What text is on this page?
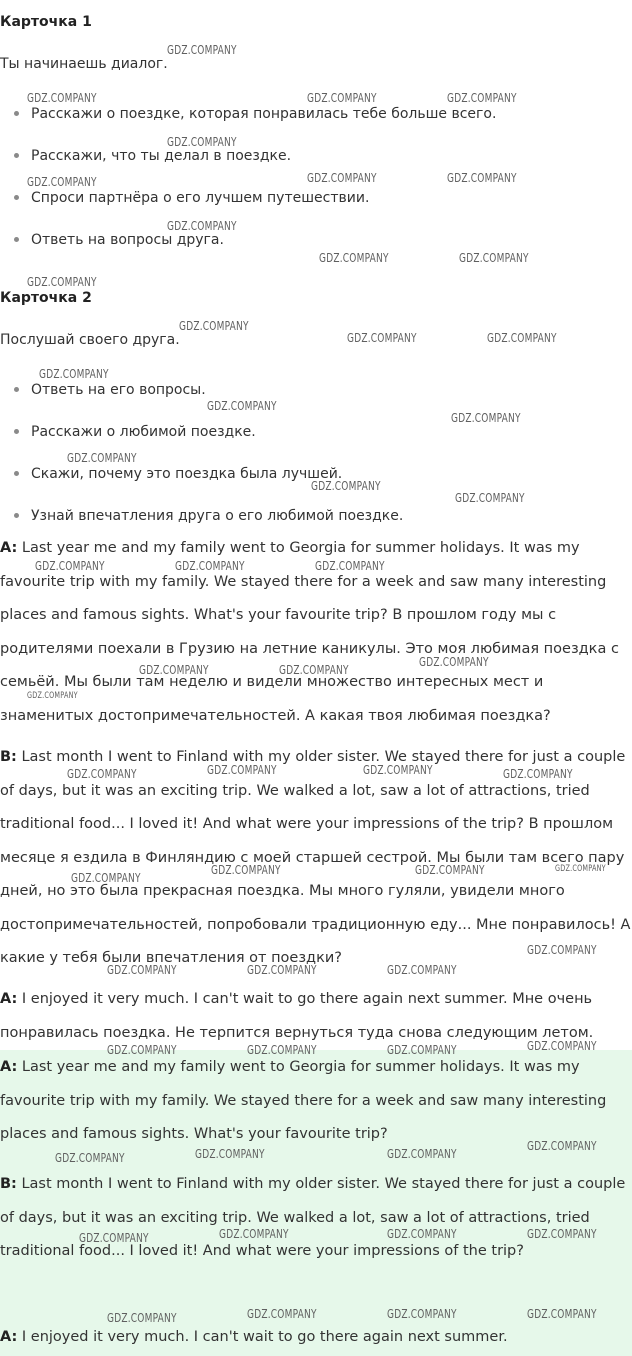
Карточка 1

Ты начинаешь диалог.

Расскажи о поездке, которая понравилась тебе больше всего.
Расскажи, что ты делал в поездке.
Спроси партнёра о его лучшем путешествии.
Ответь на вопросы друга.
Карточка 2

Послушай своего друга.

Ответь на его вопросы.
Расскажи о любимой поездке.
Скажи, почему это поездка была лучшей.
Узнай впечатления друга о его любимой поездке.

A: Last year me and my family went to Georgia for summer holidays. It was my favourite trip with my family. We stayed there for a week and saw many interesting places and famous sights. What's your favourite trip? В прошлом году мы с родителями поехали в Грузию на летние каникулы. Это моя любимая поездка с семьёй. Мы были там неделю и видели множество интересных мест и знаменитых достопримечательностей. А какая твоя любимая поездка?

B: Last month I went to Finland with my older sister. We stayed there for just a couple of days, but it was an exciting trip. We walked a lot, saw a lot of attractions, tried traditional food... I loved it! And what were your impressions of the trip? В прошлом месяце я ездила в Финляндию с моей старшей сестрой. Мы были там всего пару дней, но это была прекрасная поездка. Мы много гуляли, увидели много достопримечательностей, попробовали традиционную еду... Мне понравилось! А какие у тебя были впечатления от поездки?

A: I enjoyed it very much. I can't wait to go there again next summer. Мне очень понравилась поездка. Не терпится вернуться туда снова следующим летом.

A: Last year me and my family went to Georgia for summer holidays. It was my favourite trip with my family. We stayed there for a week and saw many interesting places and famous sights. What's your favourite trip?

B: Last month I went to Finland with my older sister. We stayed there for just a couple of days, but it was an exciting trip. We walked a lot, saw a lot of attractions, tried traditional food... I loved it! And what were your impressions of the trip?

A: I enjoyed it very much. I can't wait to go there again next summer.

GDZ.COMPANY
GDZ.COMPANY	GDZ.COMPANY	GDZ.COMPANY
GDZ.COMPANY
GDZ.COMPANY	GDZ.COMPANY	GDZ.COMPANY
GDZ.COMPANY
GDZ.COMPANY	GDZ.COMPANY
GDZ.COMPANY
GDZ.COMPANY
GDZ.COMPANY	GDZ.COMPANY
GDZ.COMPANY
GDZ.COMPANY
GDZ.COMPANY
GDZ.COMPANY
GDZ.COMPANY
GDZ.COMPANY
GDZ.COMPANY	GDZ.COMPANY	GDZ.COMPANY
GDZ.COMPANY
GDZ.COMPANY	GDZ.COMPANY
GDZ.COMPANY
GDZ.COMPANY	GDZ.COMPANY
GDZ.COMPANY	GDZ.COMPANY
GDZ.COMPANY	GDZ.COMPANY	GDZ.COMPANY
GDZ.COMPANY
GDZ.COMPANY
GDZ.COMPANY	GDZ.COMPANY	GDZ.COMPANY
GDZ.COMPANY
GDZ.COMPANY	GDZ.COMPANY	GDZ.COMPANY
GDZ.COMPANY
GDZ.COMPANY	GDZ.COMPANY
GDZ.COMPANY
GDZ.COMPANY	GDZ.COMPANY	GDZ.COMPANY
GDZ.COMPANY
GDZ.COMPANY	GDZ.COMPANY	GDZ.COMPANY
GDZ.COMPANY
